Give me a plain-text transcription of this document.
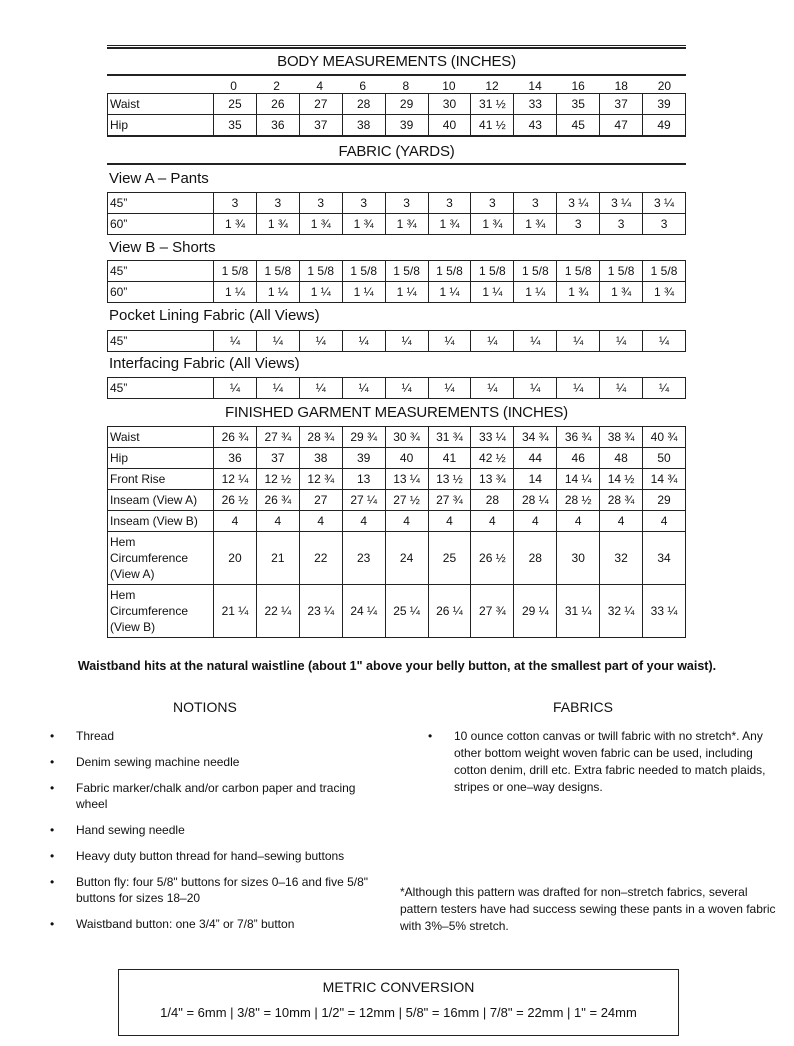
BODY MEASUREMENTS (INCHES)
	0	2	4	6	8	10	12	14	16	18	20
Waist	25	26	27	28	29	30	31 ½	33	35	37	39
Hip	35	36	37	38	39	40	41 ½	43	45	47	49
FABRIC (YARDS)
View A – Pants
45”	3	3	3	3	3	3	3	3	3 ¼	3 ¼	3 ¼
60”	1 ¾	1 ¾	1 ¾	1 ¾	1 ¾	1 ¾	1 ¾	1 ¾	3	3	3
View B – Shorts
45”	1 5/8	1 5/8	1 5/8	1 5/8	1 5/8	1 5/8	1 5/8	1 5/8	1 5/8	1 5/8	1 5/8
60”	1 ¼	1 ¼	1 ¼	1 ¼	1 ¼	1 ¼	1 ¼	1 ¼	1 ¾	1 ¾	1 ¾
Pocket Lining Fabric (All Views)
45”	¼	¼	¼	¼	¼	¼	¼	¼	¼	¼	¼
Interfacing Fabric (All Views)
45”	¼	¼	¼	¼	¼	¼	¼	¼	¼	¼	¼
FINISHED GARMENT MEASUREMENTS (INCHES)
Waist	26 ¾	27 ¾	28 ¾	29 ¾	30 ¾	31 ¾	33 ¼	34 ¾	36 ¾	38 ¾	40 ¾
Hip	36	37	38	39	40	41	42 ½	44	46	48	50
Front Rise	12 ¼	12 ½	12 ¾	13	13 ¼	13 ½	13 ¾	14	14 ¼	14 ½	14 ¾
Inseam (View A)	26 ½	26 ¾	27	27 ¼	27 ½	27 ¾	28	28 ¼	28 ½	28 ¾	29
Inseam (View B)	4	4	4	4	4	4	4	4	4	4	4
Hem Circumference (View A)	20	21	22	23	24	25	26 ½	28	30	32	34
Hem Circumference (View B)	21 ¼	22 ¼	23 ¼	24 ¼	25 ¼	26 ¼	27 ¾	29 ¼	31 ¼	32 ¼	33 ¼
Waistband hits at the natural waistline (about 1" above your belly button, at the smallest part of your waist).
NOTIONS
• Thread
• Denim sewing machine needle
• Fabric marker/chalk and/or carbon paper and tracing wheel
• Hand sewing needle
• Heavy duty button thread for hand–sewing buttons
• Button fly: four 5/8" buttons for sizes 0–16 and five 5/8" buttons for sizes 18–20
• Waistband button: one 3/4” or 7/8” button
FABRICS
• 10 ounce cotton canvas or twill fabric with no stretch*. Any other bottom weight woven fabric can be used, including cotton denim, drill etc. Extra fabric needed to match plaids, stripes or one–way designs.
*Although this pattern was drafted for non–stretch fabrics, several pattern testers have had success sewing these pants in a woven fabric with 3%–5% stretch.
METRIC CONVERSION
1/4" = 6mm | 3/8" = 10mm | 1/2" = 12mm | 5/8" = 16mm | 7/8" = 22mm | 1" = 24mm
